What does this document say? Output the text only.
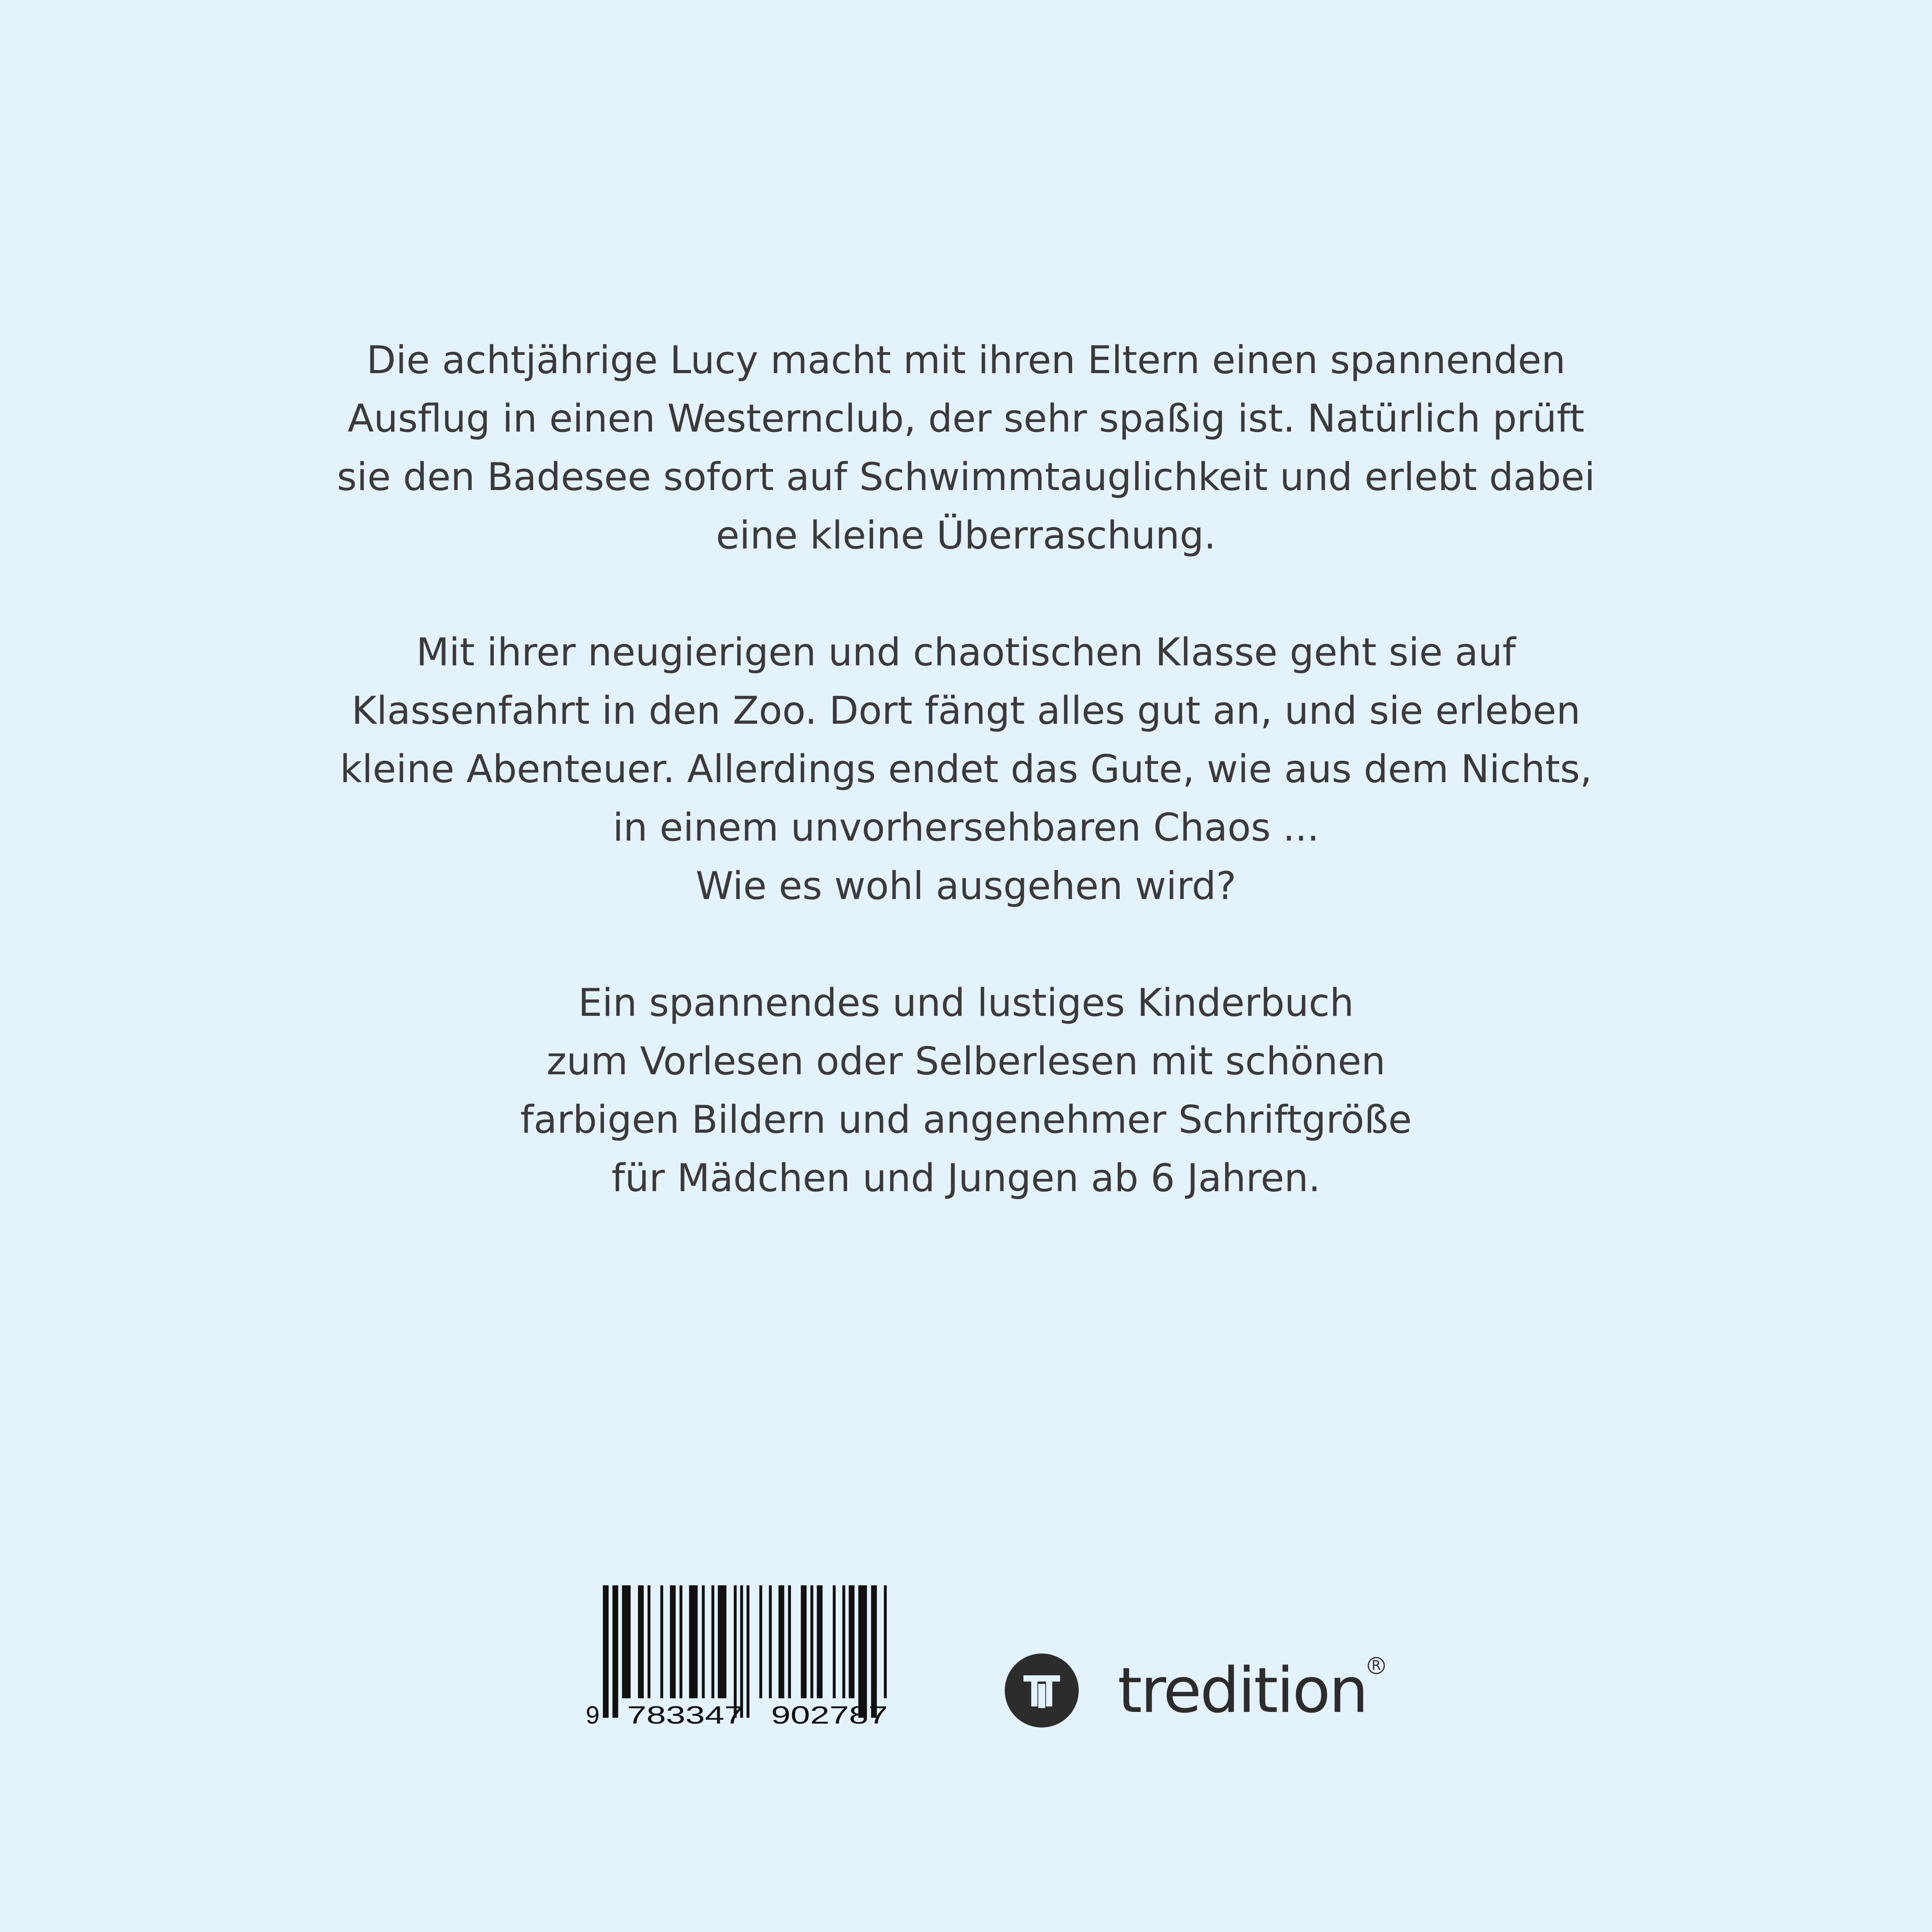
Die achtjährige Lucy macht mit ihren Eltern einen spannenden
Ausflug in einen Westernclub, der sehr spaßig ist. Natürlich prüft
sie den Badesee sofort auf Schwimmtauglichkeit und erlebt dabei
eine kleine Überraschung.

Mit ihrer neugierigen und chaotischen Klasse geht sie auf
Klassenfahrt in den Zoo. Dort fängt alles gut an, und sie erleben
kleine Abenteuer. Allerdings endet das Gute, wie aus dem Nichts,
in einem unvorhersehbaren Chaos ...
Wie es wohl ausgehen wird?

Ein spannendes und lustiges Kinderbuch
zum Vorlesen oder Selberlesen mit schönen
farbigen Bildern und angenehmer Schriftgröße
für Mädchen und Jungen ab 6 Jahren.

9 783347 902787	tredition R
